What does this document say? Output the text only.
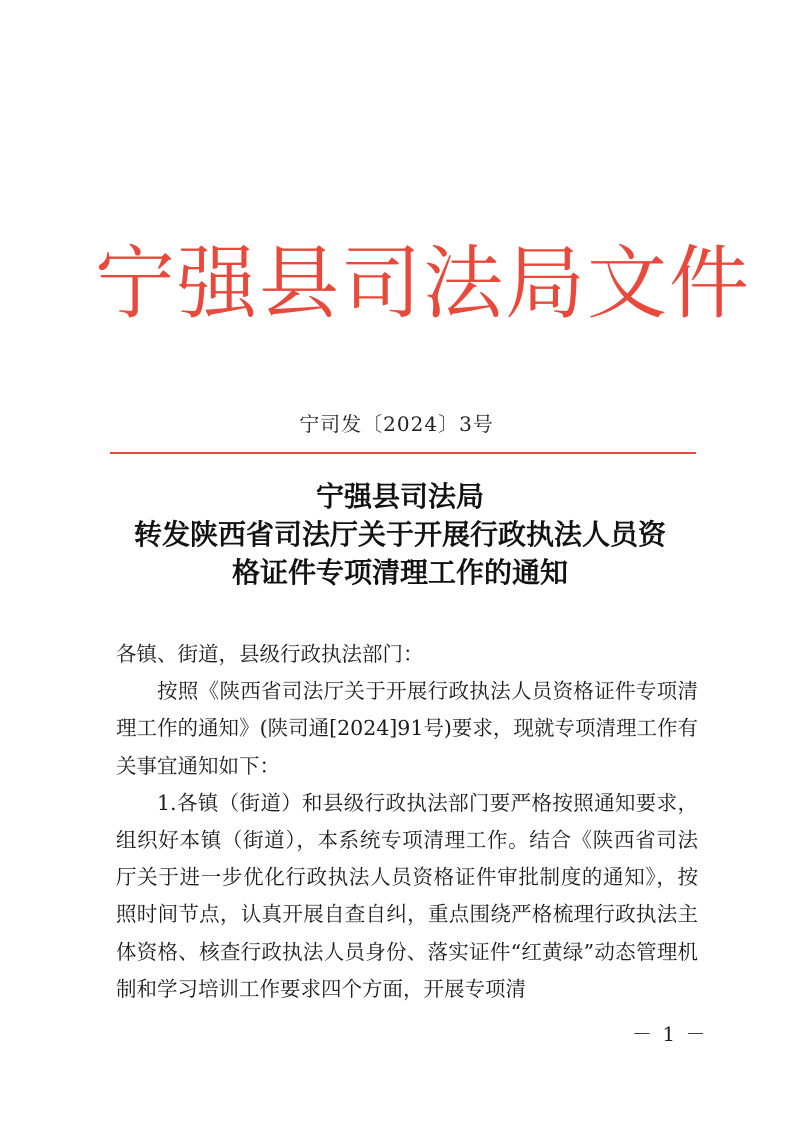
宁强县司法局文件
宁司发〔2024〕3号
宁强县司法局
转发陕西省司法厅关于开展行政执法人员资
格证件专项清理工作的通知

各镇、街道，县级行政执法部门：

按照《陕西省司法厅关于开展行政执法人员资格证件专项清理工作的通知》(陕司通[2024]91号)要求，现就专项清理工作有关事宜通知如下：

1.各镇（街道）和县级行政执法部门要严格按照通知要求，组织好本镇（街道），本系统专项清理工作。结合《陕西省司法厅关于进一步优化行政执法人员资格证件审批制度的通知》，按照时间节点，认真开展自查自纠，重点围绕严格梳理行政执法主体资格、核查行政执法人员身份、落实证件“红黄绿”动态管理机制和学习培训工作要求四个方面，开展专项清

－ 1 －
